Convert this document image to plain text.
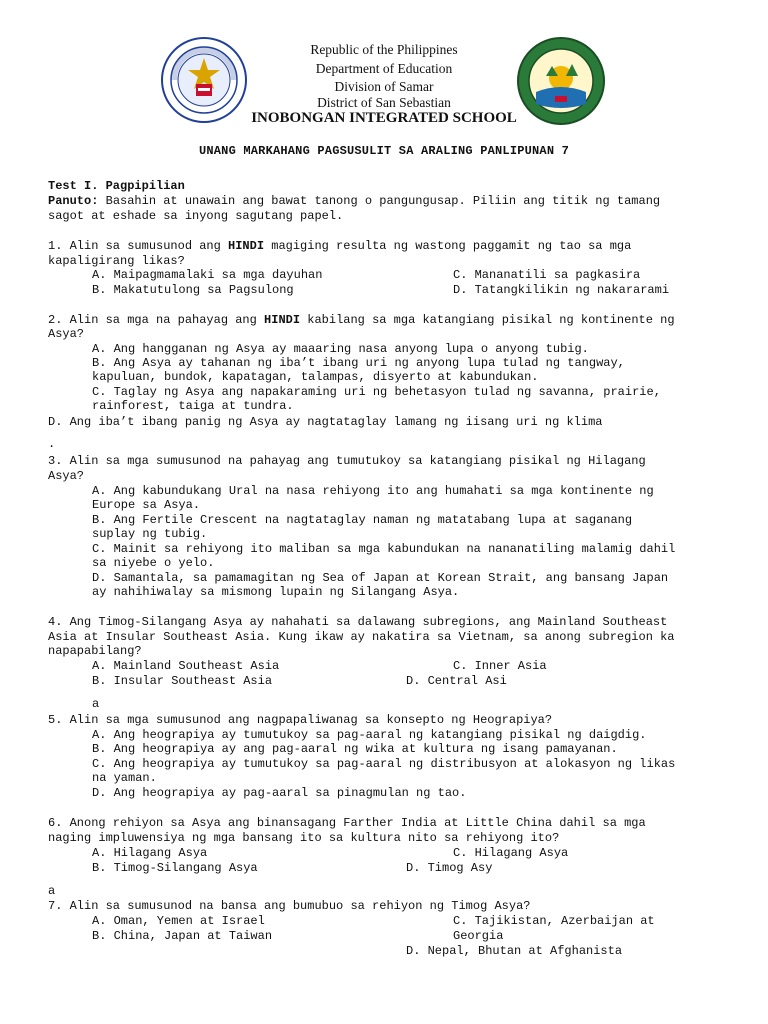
Republic of the Philippines
Department of Education
Division of Samar
District of San Sebastian
INOBONGAN INTEGRATED SCHOOL
UNANG MARKAHANG PAGSUSULIT SA ARALING PANLIPUNAN 7
Test I. Pagpipilian
Panuto: Basahin at unawain ang bawat tanong o pangungusap. Piliin ang titik ng tamang
sagot at eshade sa inyong sagutang papel.
1. Alin sa sumusunod ang HINDI magiging resulta ng wastong paggamit ng tao sa mga
kapaligirang likas?
A. Maipagmamalaki sa mga dayuhan	C. Mananatili sa pagkasira
B. Makatutulong sa Pagsulong	D. Tatangkilikin ng nakararami
2. Alin sa mga na pahayag ang HINDI kabilang sa mga katangiang pisikal ng kontinente ng
Asya?
A. Ang hangganan ng Asya ay maaaring nasa anyong lupa o anyong tubig.
B. Ang Asya ay tahanan ng iba’t ibang uri ng anyong lupa tulad ng tangway,
kapuluan, bundok, kapatagan, talampas, disyerto at kabundukan.
C. Taglay ng Asya ang napakaraming uri ng behetasyon tulad ng savanna, prairie,
rainforest, taiga at tundra.
D. Ang iba’t ibang panig ng Asya ay nagtataglay lamang ng iisang uri ng klima
.
3. Alin sa mga sumusunod na pahayag ang tumutukoy sa katangiang pisikal ng Hilagang
Asya?
A. Ang kabundukang Ural na nasa rehiyong ito ang humahati sa mga kontinente ng
Europe sa Asya.
B. Ang Fertile Crescent na nagtataglay naman ng matatabang lupa at saganang
suplay ng tubig.
C. Mainit sa rehiyong ito maliban sa mga kabundukan na nananatiling malamig dahil
sa niyebe o yelo.
D. Samantala, sa pamamagitan ng Sea of Japan at Korean Strait, ang bansang Japan
ay nahihiwalay sa mismong lupain ng Silangang Asya.
4. Ang Timog-Silangang Asya ay nahahati sa dalawang subregions, ang Mainland Southeast
Asia at Insular Southeast Asia. Kung ikaw ay nakatira sa Vietnam, sa anong subregion ka
napapabilang?
A. Mainland Southeast Asia	C. Inner Asia
B. Insular Southeast Asia	D. Central Asi
a
5. Alin sa mga sumusunod ang nagpapaliwanag sa konsepto ng Heograpiya?
A. Ang heograpiya ay tumutukoy sa pag-aaral ng katangiang pisikal ng daigdig.
B. Ang heograpiya ay ang pag-aaral ng wika at kultura ng isang pamayanan.
C. Ang heograpiya ay tumutukoy sa pag-aaral ng distribusyon at alokasyon ng likas
na yaman.
D. Ang heograpiya ay pag-aaral sa pinagmulan ng tao.
6. Anong rehiyon sa Asya ang binansagang Farther India at Little China dahil sa mga
naging impluwensiya ng mga bansang ito sa kultura nito sa rehiyong ito?
A. Hilagang Asya	C. Hilagang Asya
B. Timog-Silangang Asya	D. Timog Asy
a
7. Alin sa sumusunod na bansa ang bumubuo sa rehiyon ng Timog Asya?
A. Oman, Yemen at Israel	C. Tajikistan, Azerbaijan at
B. China, Japan at Taiwan	Georgia
D. Nepal, Bhutan at Afghanista
